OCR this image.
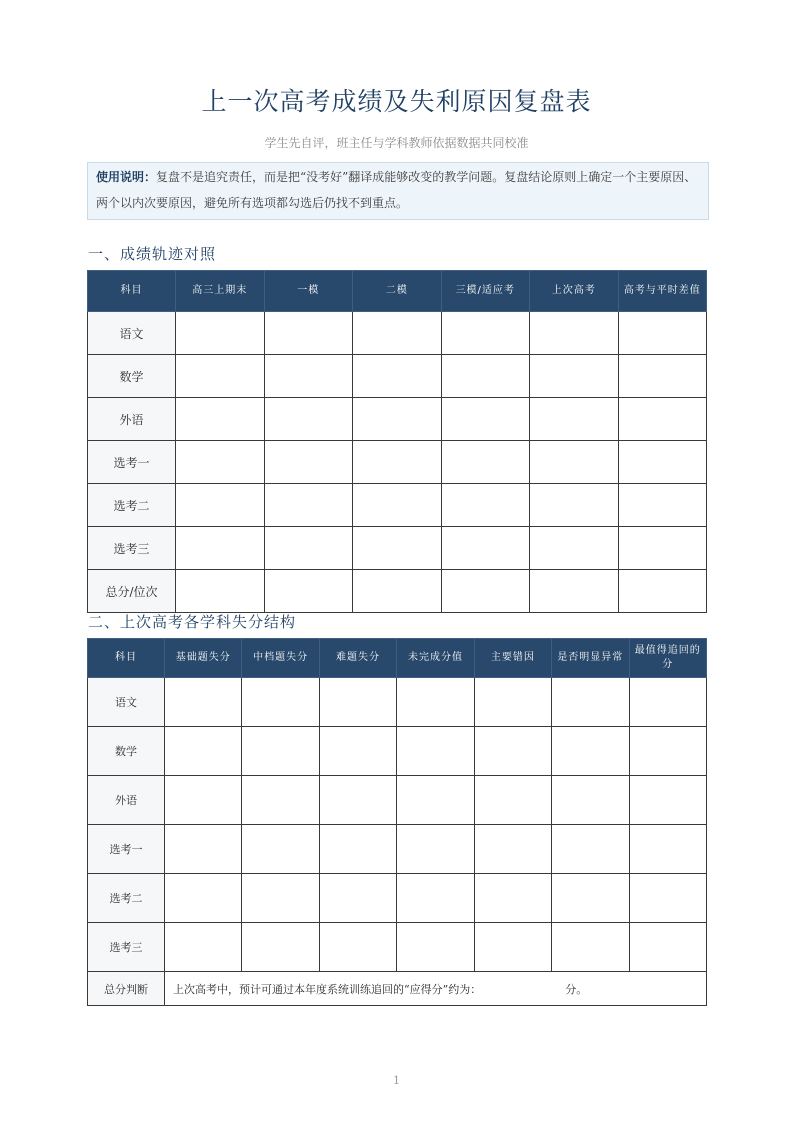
上一次高考成绩及失利原因复盘表
学生先自评，班主任与学科教师依据数据共同校准
使用说明：复盘不是追究责任，而是把“没考好”翻译成能够改变的教学问题。复盘结论原则上确定一个主要原因、两个以内次要原因，避免所有选项都勾选后仍找不到重点。
一、成绩轨迹对照
科目	高三上期末	一模	二模	三模/适应考	上次高考	高考与平时差值
语文						
数学						
外语						
选考一						
选考二						
选考三						
总分/位次						
二、上次高考各学科失分结构
科目	基础题失分	中档题失分	难题失分	未完成分值	主要错因	是否明显异常	最值得追回的分
语文							
数学							
外语							
选考一							
选考二							
选考三							
总分判断	上次高考中，预计可通过本年度系统训练追回的“应得分”约为： 分。						
1
